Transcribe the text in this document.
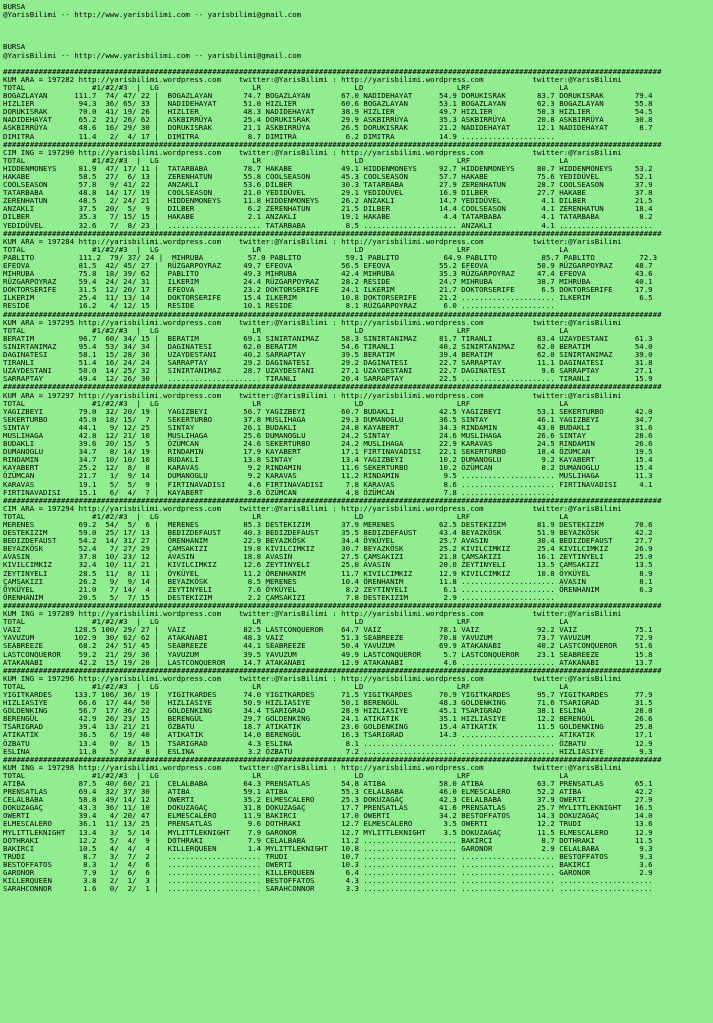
BURSA
@YarisBilimi -- http://www.yarisbilimi.com -- yarisbilimi@gmail.com

BURSA
@YarisBilimi -- http://www.yarisbilimi.com -- yarisbilimi@gmail.com

####################################################################################################################################################
KUM ARA = 197282 http://yarisbilimi.wordpress.com    twitter:@YarisBilimi : http://yarisbilimi.wordpress.com           twitter:@YarisBilimi
TOTAL               #1/#2/#3  |  LG                     LR                     LD                     LRF                    LA
BOGAZLAYAN      111.7  74/ 47/ 22 |  BOGAZLAYAN       74.7 BOGAZLAYAN       67.0 NADIDEHAYAT      54.9 DORUKISRAK       83.7 DORUKISRAK       79.4
HIZLIER          94.3  36/ 65/ 33 |  NADIDEHAYAT      51.0 HIZLIER          60.6 BOGAZLAYAN       53.1 BOGAZLAYAN       62.3 BOGAZLAYAN       55.8
DORUKISRAK       70.0  41/ 19/ 26 |  HIZLIER          48.3 NADIDEHAYAT      38.9 HIZLIER          49.7 HIZLIER          50.3 HIZLIER          54.5
NADIDEHAYAT      65.2  21/ 26/ 62 |  ASKBIRRÜYA       25.4 DORUKISRAK       29.9 ASKBIRRÜYA       35.3 ASKBIRRÜYA       20.8 ASKBIRRÜYA       30.8
ASKBIRRÜYA       48.6  16/ 29/ 30 |  DORUKISRAK       21.1 ASKBIRRÜYA       26.5 DORUKISRAK       21.2 NADIDEHAYAT      12.1 NADIDEHAYAT       8.7
DIMITRA          11.4   2/  4/ 17 |  DIMITRA           8.7 DIMITRA           6.2 DIMITRA          14.9 .....................
####################################################################################################################################################
CIM ING = 197290 http://yarisbilimi.wordpress.com    twitter:@YarisBilimi : http://yarisbilimi.wordpress.com           twitter:@YarisBilimi
TOTAL               #1/#2/#3  |  LG                     LR                     LD                     LRF                    LA
HIDDENMONEYS     81.9  47/ 17/ 11 |  TATARBABA        78.7 HAKABE           49.1 HIDDENMONEYS     92.7 HIDDENMONEYS     80.7 HIDDENMONEYS     53.2
HAKABE           58.5  27/  6/ 13 |  ZERENHATUN       55.8 COOLSEASON       45.3 COOLSEASON       57.7 HAKABE           75.6 YEDIDÜVEL        52.1
COOLSEASON       57.8   9/ 41/ 22 |  ANZAKLI          53.6 DILBER           30.3 TATARBABA        27.9 ZERENHATUN       28.7 COOLSEASON       37.9
TATARBABA        48.8  14/ 17/ 19 |  COOLSEASON       21.0 YEDIDÜVEL        29.1 YEDIDÜVEL        16.9 DILBER           27.7 HAKABE           37.8
ZERENHATUN       48.5   2/ 24/ 21 |  HIDDENMONEYS     11.8 HIDDENMONEYS     26.2 ANZAKLI          14.7 YEDIDÜVEL         4.1 DILBER           21.5
ANZAKLI          37.5  20/  5/  9 |  DILBER            6.2 ZERENHATUN       21.5 DILBER           14.4 COOLSEASON        4.1 ZERENHATUN       18.4
DILBER           35.3   7/ 15/ 15 |  HAKABE            2.1 ANZAKLI          19.1 HAKABE            4.4 TATARBABA         4.1 TATARBABA         8.2
YEDIDÜVEL        32.6   7/  8/ 23 |  ..................... TATARBABA         8.5 ..................... ANZAKLI           4.1 .....................
####################################################################################################################################################
KUM ARA = 197284 http://yarisbilimi.wordpress.com    twitter:@YarisBilimi : http://yarisbilimi.wordpress.com           twitter:@YarisBilimi
TOTAL               #1/#2/#3  |  LG                     LR                     LD                     LRF                    LA
PABLITO          111.2  79/ 37/ 24 |  MIHRUBA          57.0 PABLITO          59.1 PABLITO          64.9 PABLITO          85.7 PABLITO          72.3
EFEOVA           81.5  42/ 45/ 27 |  RÜZGARPOYRAZ     49.7 EFEOVA           56.5 EFEOVA           55.2 EFEOVA           50.9 RÜZGARPOYRAZ     48.7
MIHRUBA          75.8  18/ 39/ 62 |  PABLITO          49.3 MIHRUBA          42.4 MIHRUBA          35.3 RÜZGARPOYRAZ     47.4 EFEOVA           43.6
RÜZGARPOYRAZ     59.4  24/ 24/ 31 |  ILKERIM          24.4 RÜZGARPOYRAZ     28.2 RESIDE           24.7 MIHRUBA          38.7 MIHRUBA          40.1
DOKTORSERIFE     31.5  12/ 20/ 17 |  EFEOVA           23.2 DOKTORSERIFE     24.1 ILKERIM          21.7 DOKTORSERIFE      6.5 DOKTORSERIFE     17.9
ILKERIM          25.4  11/ 13/ 14 |  DOKTORSERIFE     15.4 ILKERIM          10.8 DOKTORSERIFE     21.2 ..................... ILKERIM           6.5
RESIDE           16.2   4/ 12/ 15 |  RESIDE           10.1 RESIDE            8.1 RÜZGARPOYRAZ      6.0 .....................
####################################################################################################################################################
KUM ARA = 197295 http://yarisbilimi.wordpress.com    twitter:@YarisBilimi : http://yarisbilimi.wordpress.com           twitter:@YarisBilimi
TOTAL               #1/#2/#3  |  LG                     LR                     LD                     LRF                    LA
BERATIM          96.7  60/ 34/ 15 |  BERATIM          69.1 SINIRTANIMAZ     58.3 SINIRTANIMAZ     81.7 TIRANLI          83.4 UZAYDESTANI      61.3
SINIRTANIMAZ     95.4  53/ 34/ 34 |  DAGINATESI       62.0 BERATIM          54.6 TIRANLI          40.2 SINIRTANIMAZ     62.0 BERATIM          54.0
DAGINATESI       58.1  15/ 28/ 36 |  UZAYDESTANI      40.2 SARRAPTAY        39.5 BERATIM          39.4 BERATIM          62.0 SINIRTANIMAZ     39.0
TIRANLI          51.4  16/ 24/ 24 |  SARRAPTAY        29.2 DAGINATESI       29.2 DAGINATESI       22.7 SARRAPTAY        11.1 DAGINATESI       31.8
UZAYDESTANI      50.0  14/ 25/ 32 |  SINIRTANIMAZ     28.7 UZAYDESTANI      27.1 UZAYDESTANI      22.7 DAGINATESI        9.6 SARRAPTAY        27.1
SARRAPTAY        49.4  12/ 26/ 30 |  ..................... TIRANLI          20.4 SARRAPTAY        22.5 ..................... TIRANLI          15.9
####################################################################################################################################################
KUM ARA = 197297 http://yarisbilimi.wordpress.com    twitter:@YarisBilimi : http://yarisbilimi.wordpress.com           twitter:@YarisBilimi
TOTAL               #1/#2/#3  |  LG                     LR                     LD                     LRF                    LA
YAGIZBEYI        79.0  32/ 20/ 19 |  YAGIZBEYI        56.7 YAGIZBEYI        60.7 BUDAKLI          42.5 YAGIZBEYI        53.1 SEKERTURBO       42.0
SEKERTURBO       45.0  18/ 15/  7 |  SEKERTURBO       37.8 MUSLIHAGA        29.3 DUMANOGLU        36.5 SINTAY           46.1 YAGIZBEYI        34.7
SINTAY           44.1   9/ 12/ 25 |  SINTAY           26.1 BUDAKLI          24.8 KAYABERT         34.3 RINDAMIN         43.0 BUDAKLI          31.6
MUSLIHAGA        42.8  12/ 21/ 10 |  MUSLIHAGA        25.6 DUMANOGLU        24.2 SINTAY           24.6 MUSLIHAGA        26.6 SINTAY           28.6
BUDAKLI          39.6  20/ 15/  5 |  ÖZÜMCAN          24.6 SEKERTURBO       24.2 MUSLIHAGA        22.9 KARAVAS          24.5 RINDAMIN         26.6
DUMANOGLU        34.7   8/ 14/ 19 |  RINDAMIN         17.9 KAYABERT         17.1 FIRTINAVADISI    22.1 SEKERTURBO       18.4 ÖZÜMCAN          19.5
RINDAMIN         34.7  10/ 10/ 10 |  BUDAKLI          13.8 SINTAY           13.4 YAGIZBEYI        10.2 DUMANOGLU         9.2 KAYABERT         15.4
KAYABERT         25.2  12/  8/  8 |  KARAVAS           9.2 RINDAMIN         11.6 SEKERTURBO       10.2 ÖZÜMCAN           8.2 DUMANOGLU        15.4
ÖZÜMCAN          21.7   1/  9/ 14 |  DUMANOGLU         9.2 KARAVAS          11.2 RINDAMIN          9.5 ..................... MUSLIHAGA        11.3
KARAVAS          19.1   5/  5/  9 |  FIRTINAVADISI     4.6 FIRTINAVADISI     7.8 KARAVAS           8.6 ..................... FIRTINAVADISI     4.1
FIRTINAVADISI    15.1   6/  4/  7 |  KAYABERT          3.6 ÖZÜMCAN           4.8 ÖZÜMCAN           7.8 .....................
####################################################################################################################################################
CIM ARA = 197294 http://yarisbilimi.wordpress.com    twitter:@YarisBilimi : http://yarisbilimi.wordpress.com           twitter:@YarisBilimi
TOTAL               #1/#2/#3  |  LG                     LR                     LD                     LRF                    LA
MERENES          69.2  54/  5/  6 |  MERENES          85.3 DESTEKIZIM       37.9 MERENES          62.5 DESTEKIZIM       81.9 DESTEKIZIM       70.6
DESTEKIZIM       59.0  25/ 17/ 13 |  BEDIZDEFAUST     40.3 BEDIZDEFAUST     35.5 BEDIZDEFAUST     43.4 BEYAZKÖSK        51.9 BEYAZKÖSK        42.2
BEDIZDEFAUST     54.2  14/ 31/ 27 |  ÖRENHANIM        22.9 BEYAZKÖSK        34.4 ÖYKÜYEL          25.7 AVASIN           30.4 BEDIZDEFAUST     27.7
BEYAZKÖSK        52.4   7/ 27/ 29 |  ÇAMSAKIZI        19.8 KIVILCIMKIZ      30.7 BEYAZKÖSK        25.2 KIVILCIMKIZ      25.4 KIVILCIMKIZ      26.9
AVASIN           37.8  10/ 23/ 12 |  AVASIN           18.8 AVASIN           27.5 ÇAMSAKIZI        21.8 ÇAMSAKIZI        16.1 ZEYTINYELI       25.0
KIVILCIMKIZ      32.4  10/ 11/ 21 |  KIVILCIMKIZ      12.6 ZEYTINYELI       25.0 AVASIN           20.0 ZEYTINYELI       13.5 ÇAMSAKIZI        13.5
ZEYTINYELI       28.5  11/  8/ 11 |  ÖYKÜYEL          11.2 ÖRENHANIM        11.7 KIVILCIMKIZ      12.9 KIVILCIMKIZ      10.8 ÖYKÜYEL           8.9
ÇAMSAKIZI        26.2   9/  9/ 14 |  BEYAZKÖSK         8.5 MERENES          10.4 ÖRENHANIM        11.8 ..................... AVASIN            8.1
ÖYKÜYEL          21.0   7/ 14/  4 |  ZEYTINYELI        7.6 ÖYKÜYEL           8.2 ZEYTINYELI        6.1 ..................... ÖRENHANIM         6.3
ÖRENHANIM        20.5   5/  7/ 15 |  DESTEKIZIM        2.2 ÇAMSAKIZI         7.8 DESTEKIZIM        2.9 .....................
####################################################################################################################################################
KUM ING = 197289 http://yarisbilimi.wordpress.com    twitter:@YarisBilimi : http://yarisbilimi.wordpress.com           twitter:@YarisBilimi
TOTAL               #1/#2/#3  |  LG                     LR                     LD                     LRF                    LA
VAIZ            128.5 100/ 29/ 27 |  VAIZ             82.5 LASTCONQUEROR    64.7 VAIZ             78.1 VAIZ             92.2 VAIZ             75.1
YAVUZUM         102.9  30/ 62/ 62 |  ATAKANABI        48.3 VAIZ             51.3 SEABREEZE        70.8 YAVUZUM          73.7 YAVUZUM          72.9
SEABREEZE        68.2  24/ 51/ 45 |  SEABREEZE        44.1 SEABREEZE        50.4 YAVUZUM          69.9 ATAKANABI        40.2 LASTCONQUEROR    51.6
LASTCONQUEROR    59.2  21/ 29/ 36 |  YAVUZUM          39.5 YAVUZUM          49.9 LASTCONQUEROR     5.7 LASTCONQUEROR    23.1 SEABREEZE        15.8
ATAKANABI        42.2  15/ 19/ 20 |  LASTCONQUEROR    14.7 ATAKANABI        12.9 ATAKANABI         4.6 ..................... ATAKANABI        13.7
####################################################################################################################################################
KUM ING = 197296 http://yarisbilimi.wordpress.com    twitter:@YarisBilimi : http://yarisbilimi.wordpress.com           twitter:@YarisBilimi
TOTAL               #1/#2/#3  |  LG                     LR                     LD                     LRF                    LA
YIGITKARDES     133.7 106/ 36/ 19 |  YIGITKARDES      74.0 YIGITKARDES      71.5 YIGITKARDES      70.9 YIGITKARDES      95.7 YIGITKARDES      77.9
HIZLIASIYE       66.6  17/ 44/ 50 |  HIZLIASIYE       50.9 HIZLIASIYE       50.1 BERENGÜL         48.3 GOLDENKING       71.6 TSARIGRAD        31.5
GOLDENKING       56.7  17/ 36/ 22 |  GOLDENKING       34.4 TSARIGRAD        28.9 HIZLIASIYE       45.1 TSARIGRAD        38.1 ESLINA           28.0
BERENGÜL         42.9  26/ 23/ 15 |  BERENGÜL         29.7 GOLDENKING       24.1 ATIKATIK         35.1 HIZLIASIYE       12.2 BERENGÜL         26.6
TSARIGRAD        39.4  13/ 21/ 21 |  ÖZBATU           18.7 ATIKATIK         23.0 GOLDENKING       15.4 ATIKATIK         11.5 GOLDENKING       25.8
ATIKATIK         36.5   6/ 19/ 40 |  ATIKATIK         14.0 BERENGÜL         16.3 TSARIGRAD        14.3 ..................... ATIKATIK         17.1
ÖZBATU           13.4   0/  8/ 15 |  TSARIGRAD         4.3 ESLINA            8.1 ..................... ..................... ÖZBATU           12.9
ESLINA           11.8   5/  3/  8 |  ESLINA            3.2 ÖZBATU            7.2 ..................... ..................... HIZLIASIYE        9.3
####################################################################################################################################################
KUM ING = 197298 http://yarisbilimi.wordpress.com    twitter:@YarisBilimi : http://yarisbilimi.wordpress.com           twitter:@YarisBilimi
TOTAL               #1/#2/#3  |  LG                     LR                     LD                     LRF                    LA
ATIBA            87.5  40/ 60/ 21 |  CELALBABA        64.3 PRENSATLAS       54.8 ATIBA            58.0 ATIBA            63.7 PRENSATLAS       65.1
PRENSATLAS       69.4  32/ 37/ 30 |  ATIBA            59.1 ATIBA            55.3 CELALBABA        46.0 ELMESCALERO      52.2 ATIBA            42.2
CELALBABA        58.8  49/ 14/ 12 |  OWERTI           35.2 ELMESCALERO      25.3 DOKUZAGAÇ        42.3 CELALBABA        37.9 OWERTI           27.9
DOKUZAGAÇ        43.3  36/ 11/ 10 |  DOKUZAGAÇ        31.8 DOKUZAGAÇ        17.7 PRENSATLAS       41.6 PRENSATLAS       25.7 MYLITTLEKNIGHT   16.5
OWERTI           39.4   4/ 20/ 47 |  ELMESCALERO      11.9 BAKIRCI          17.0 OWERTI           34.2 BESTOFFATOS      14.3 DOKUZAGAÇ        14.0
ELMESCALERO      36.1  11/ 13/ 25 |  PRENSATLAS        9.6 DOTHRAKI         12.7 ELMESCALERO       3.5 OWERTI           12.2 TRUDI            13.6
MYLITTLEKNIGHT   13.4   3/  5/ 14 |  MYLITTLEKNIGHT    7.9 GARONOR          12.7 MYLITTLEKNIGHT    3.5 DOKUZAGAÇ        11.5 ELMESCALERO      12.9
DOTHRAKI         12.2   5/  4/  9 |  DOTHRAKI          7.9 CELALBABA        11.2 ..................... BAKIRCI           8.7 DOTHRAKI         11.5
BAKIRCI          10.5   4/  4/  4 |  KILLERQUEEN       1.4 MYLITTLEKNIGHT   10.8 ..................... GARONOR           2.9 CELALBABA         9.3
TRUDI             8.7   3/  7/  2 |  ..................... TRUDI            10.7 ..................... ..................... BESTOFFATOS       9.3
BESTOFFATOS       8.3   1/  4/  6 |  ..................... OWERTI           10.3 ..................... ..................... BAKIRCI           3.6
GARONOR           7.9   1/  6/  6 |  ..................... KILLERQUEEN       6.4 ..................... ..................... GARONOR           2.9
KILLERQUEEN       3.8   2/  1/  3 |  ..................... BESTOFFATOS       4.3 ..................... ..................... .....................
SARAHCONNOR       1.6   0/  2/  1 |  ..................... SARAHCONNOR       3.3 ..................... ..................... .....................
